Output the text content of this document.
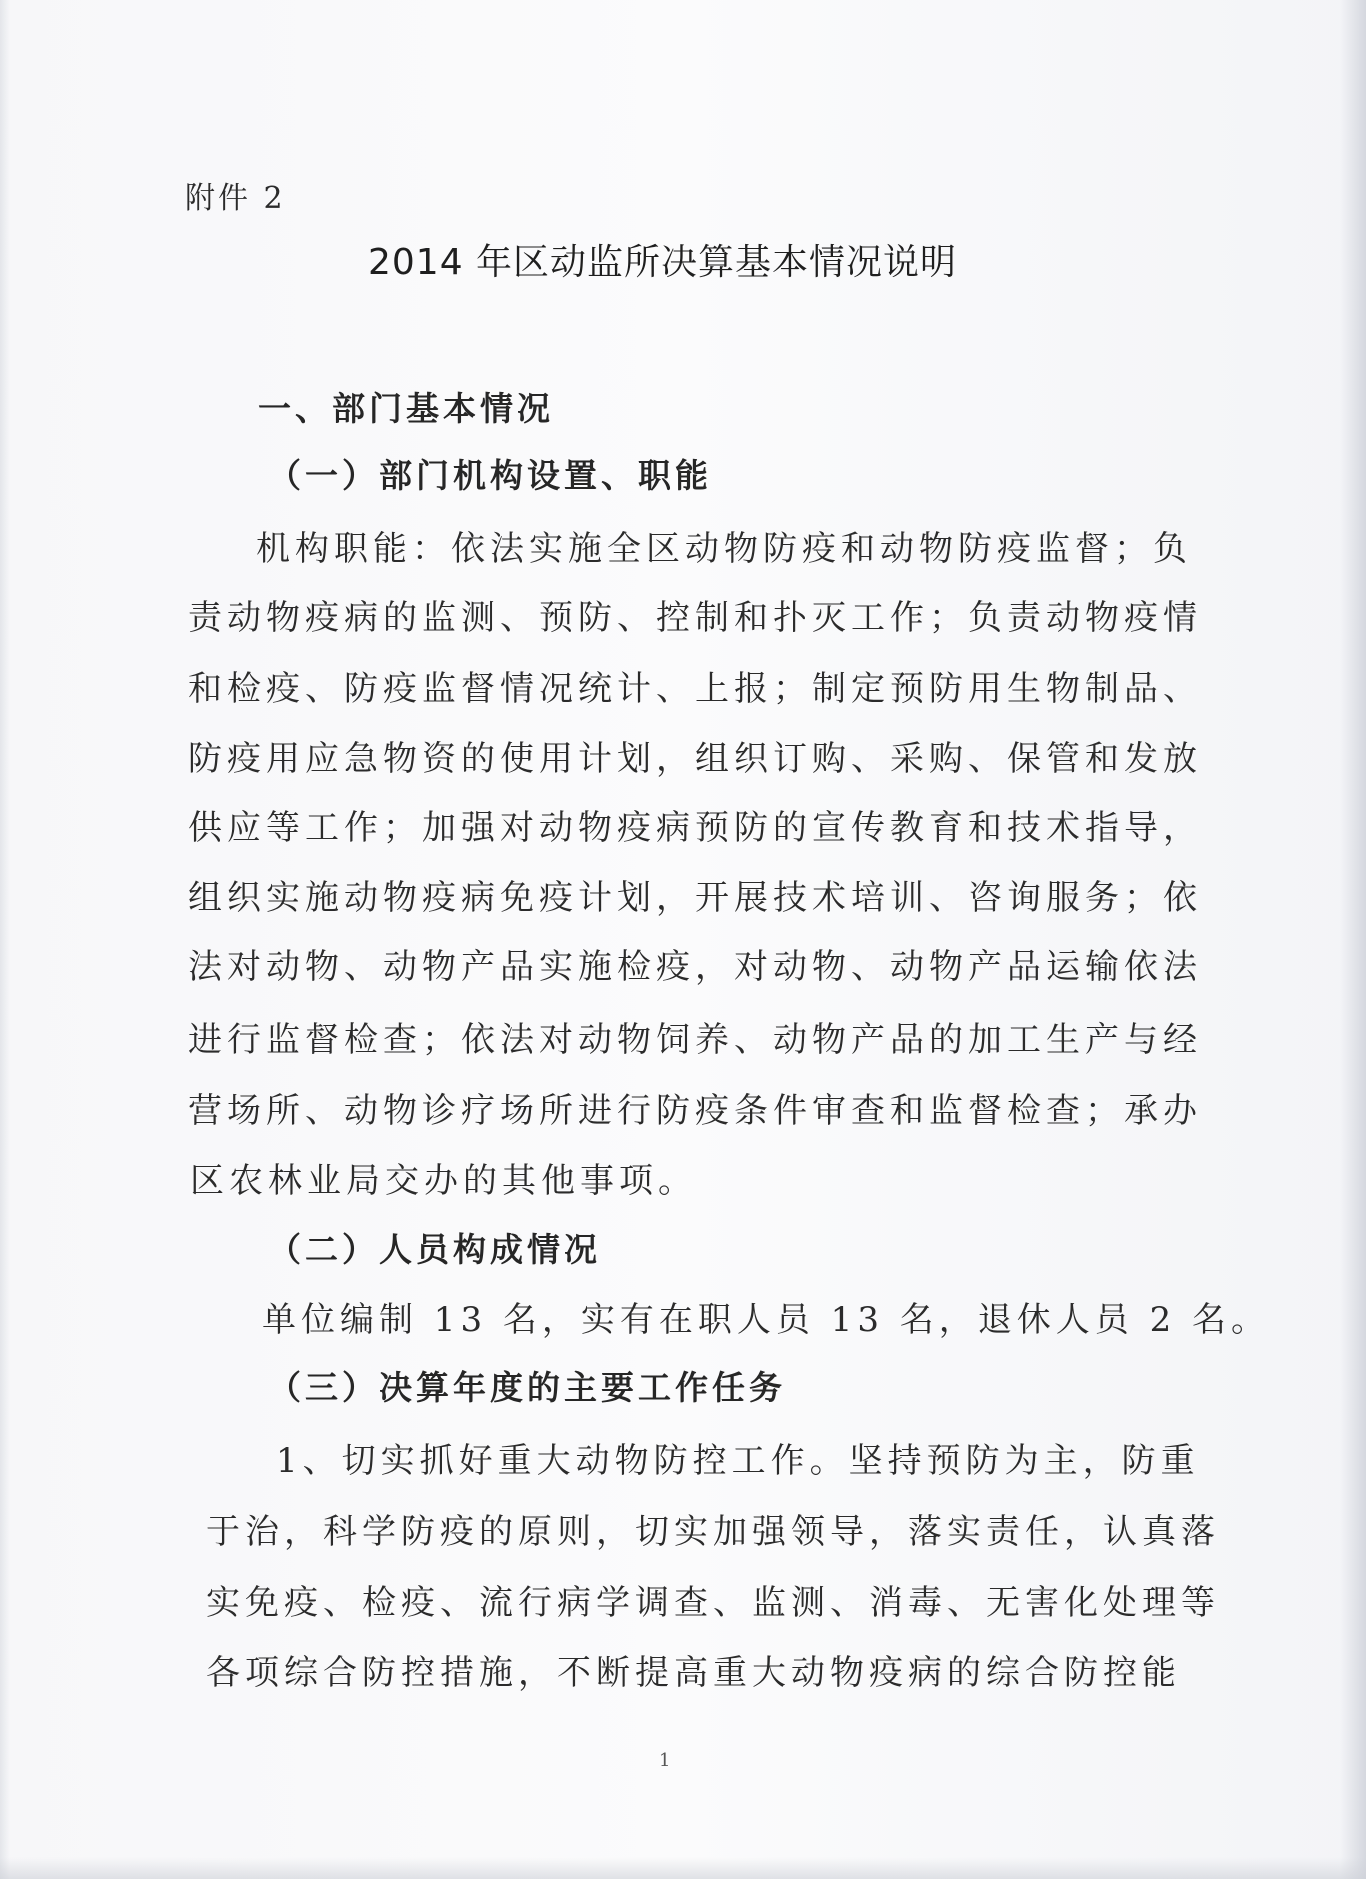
附件 2
2014 年区动监所决算基本情况说明
一、部门基本情况
（一）部门机构设置、职能
机构职能：依法实施全区动物防疫和动物防疫监督；负
责动物疫病的监测、预防、控制和扑灭工作；负责动物疫情
和检疫、防疫监督情况统计、上报；制定预防用生物制品、
防疫用应急物资的使用计划，组织订购、采购、保管和发放
供应等工作；加强对动物疫病预防的宣传教育和技术指导，
组织实施动物疫病免疫计划，开展技术培训、咨询服务；依
法对动物、动物产品实施检疫，对动物、动物产品运输依法
进行监督检查；依法对动物饲养、动物产品的加工生产与经
营场所、动物诊疗场所进行防疫条件审查和监督检查；承办
区农林业局交办的其他事项。
（二）人员构成情况
单位编制 13 名，实有在职人员 13 名，退休人员 2 名。
（三）决算年度的主要工作任务
1、切实抓好重大动物防控工作。坚持预防为主，防重
于治，科学防疫的原则，切实加强领导，落实责任，认真落
实免疫、检疫、流行病学调查、监测、消毒、无害化处理等
各项综合防控措施，不断提高重大动物疫病的综合防控能
1
